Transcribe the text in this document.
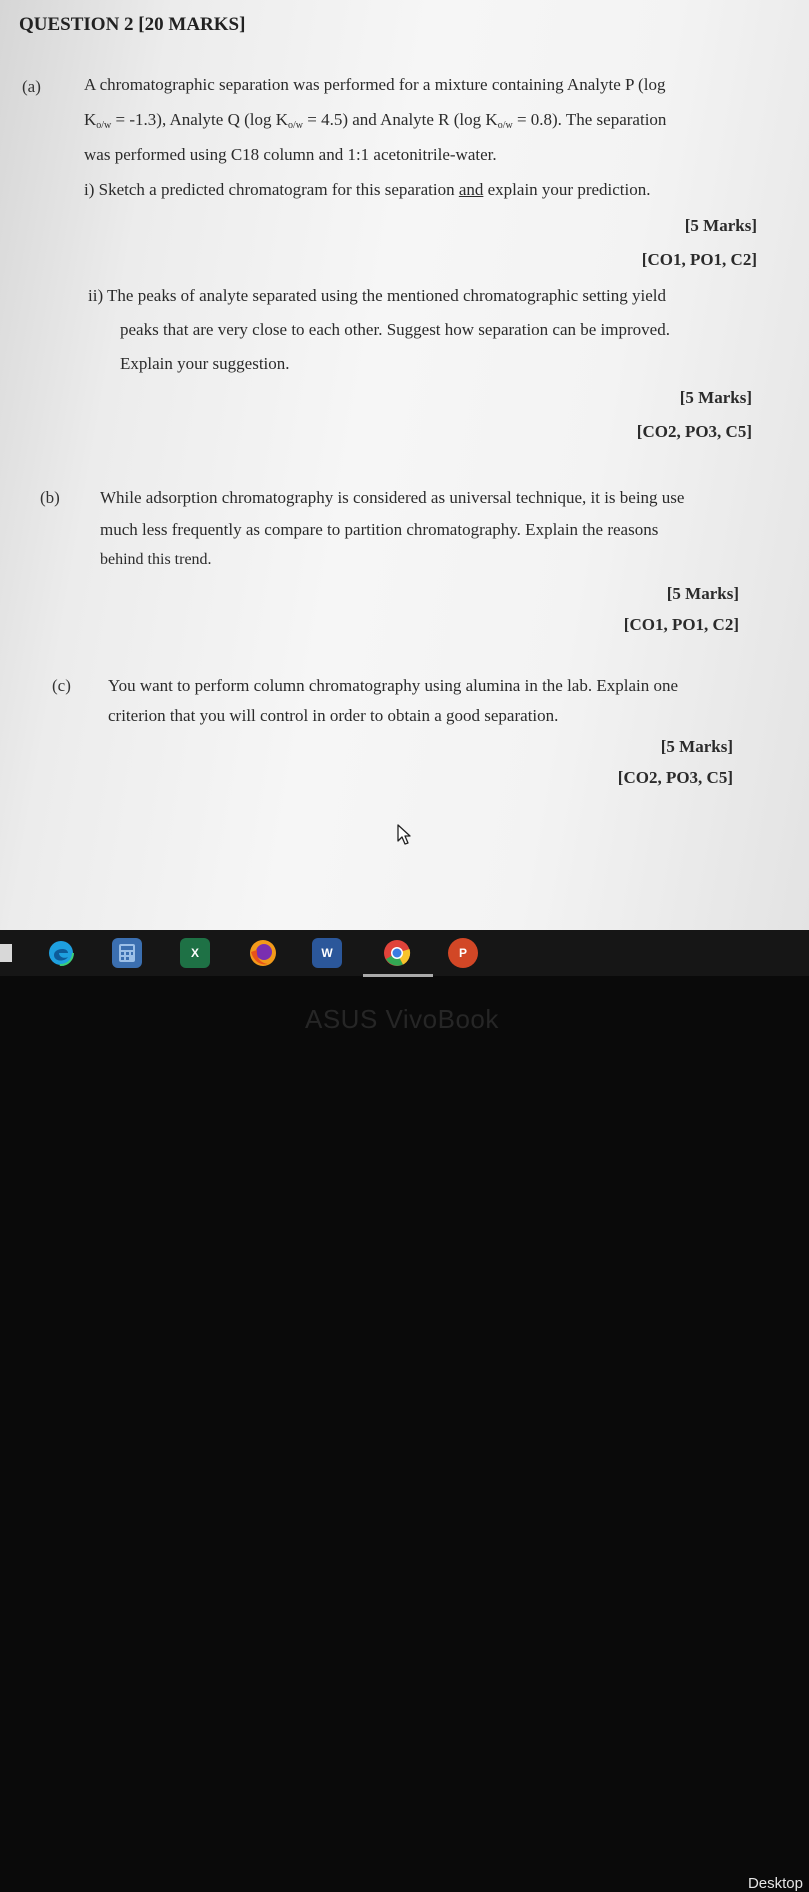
QUESTION 2 [20 MARKS]
(a)	A chromatographic separation was performed for a mixture containing Analyte P (log
$K_{o/w} = -1.3$), Analyte Q (log $K_{o/w} = 4.5$) and Analyte R (log $K_{o/w} = 0.8$). The separation
was performed using C18 column and 1:1 acetonitrile-water.
i) Sketch a predicted chromatogram for this separation and explain your prediction.
[5 Marks]
[CO1, PO1, C2]
ii) The peaks of analyte separated using the mentioned chromatographic setting yield
peaks that are very close to each other. Suggest how separation can be improved.
Explain your suggestion.
[5 Marks]
[CO2, PO3, C5]
(b) While adsorption chromatography is considered as universal technique, it is being use
much less frequently as compare to partition chromatography. Explain the reasons
behind this trend.
[5 Marks]
[CO1, PO1, C2]
(c) You want to perform column chromatography using alumina in the lab. Explain one
criterion that you will control in order to obtain a good separation.
[5 Marks]
[CO2, PO3, C5]
X	W	P
Desktop
ASUS VivoBook
